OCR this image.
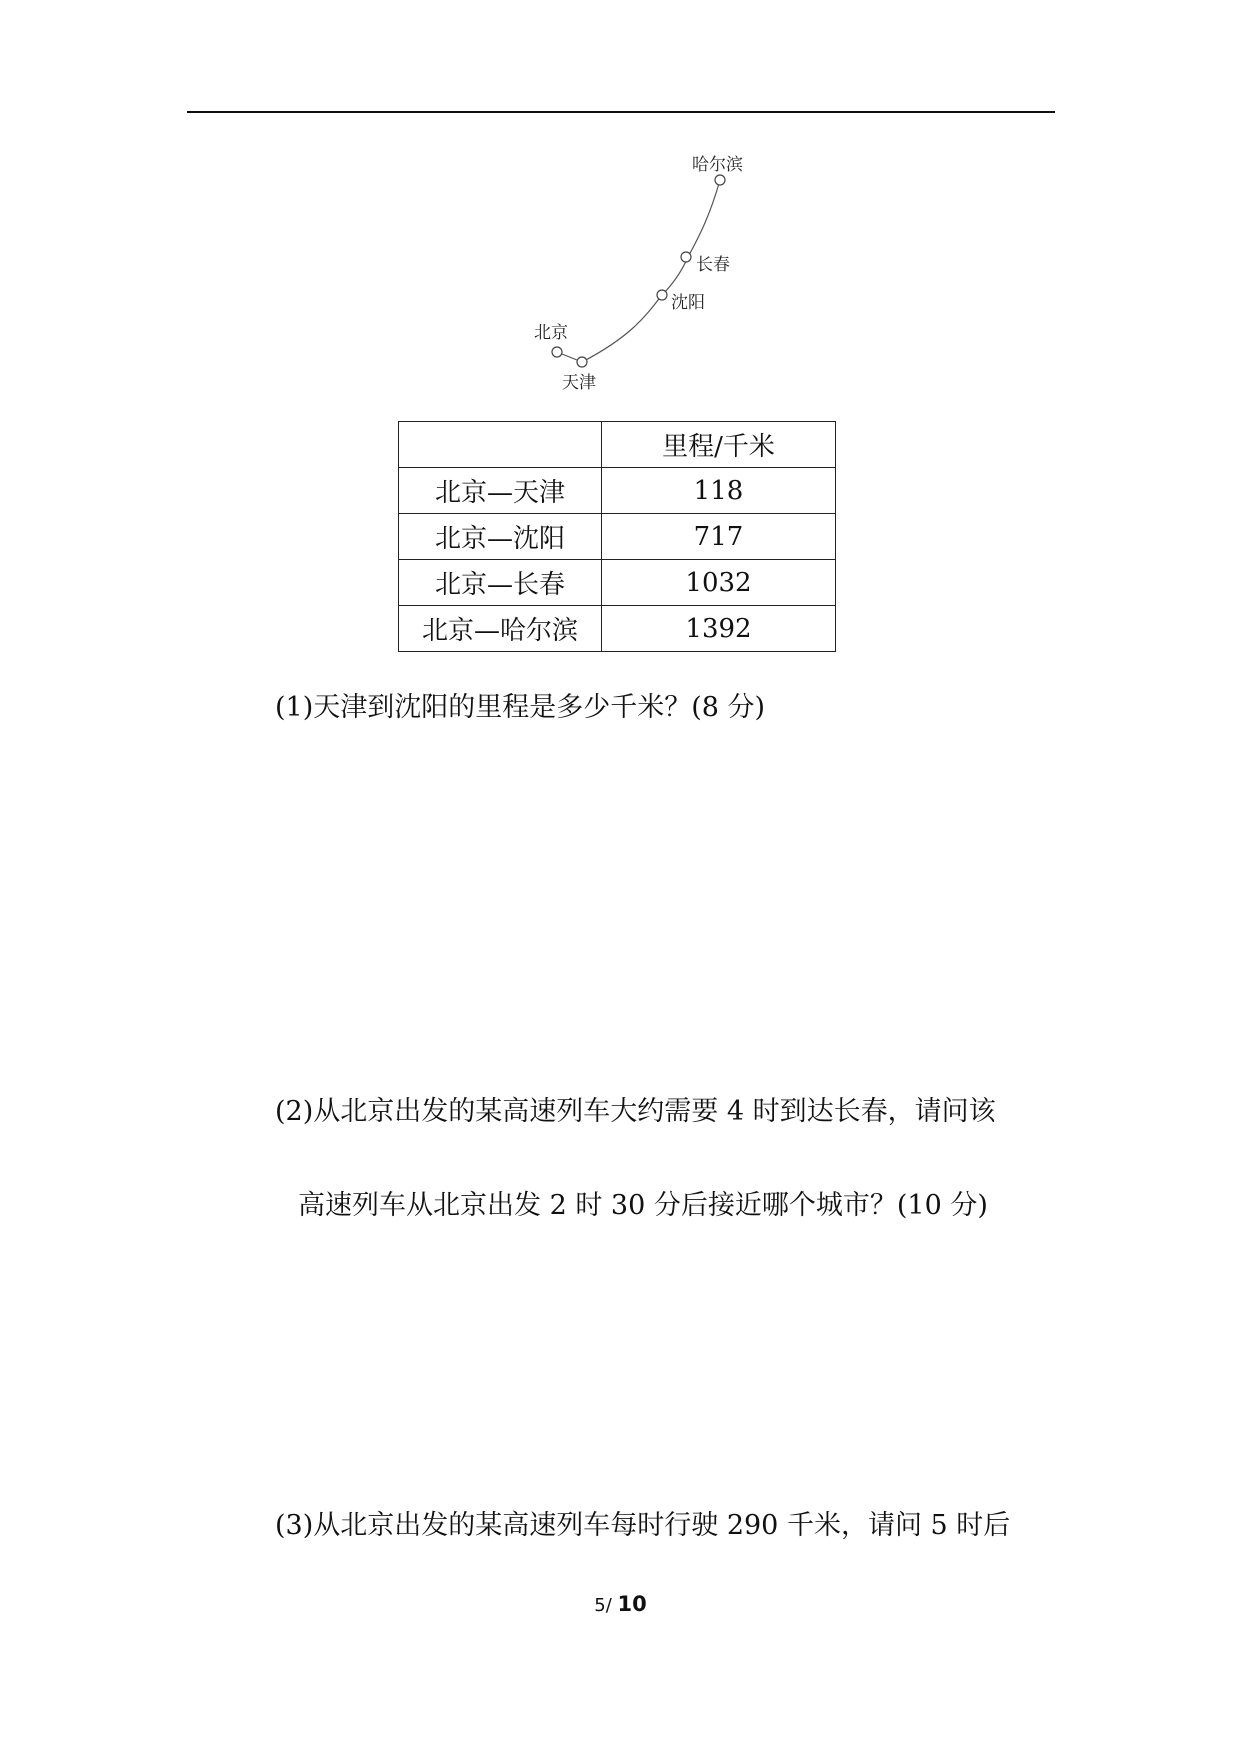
哈尔滨
长春
沈阳
北京
天津
	里程/千米
北京—天津	118
北京—沈阳	717
北京—长春	1032
北京—哈尔滨	1392
(1)天津到沈阳的里程是多少千米？(8 分)
(2)从北京出发的某高速列车大约需要 4 时到达长春，请问该
高速列车从北京出发 2 时 30 分后接近哪个城市？(10 分)
(3)从北京出发的某高速列车每时行驶 290 千米，请问 5 时后
5/ 10
